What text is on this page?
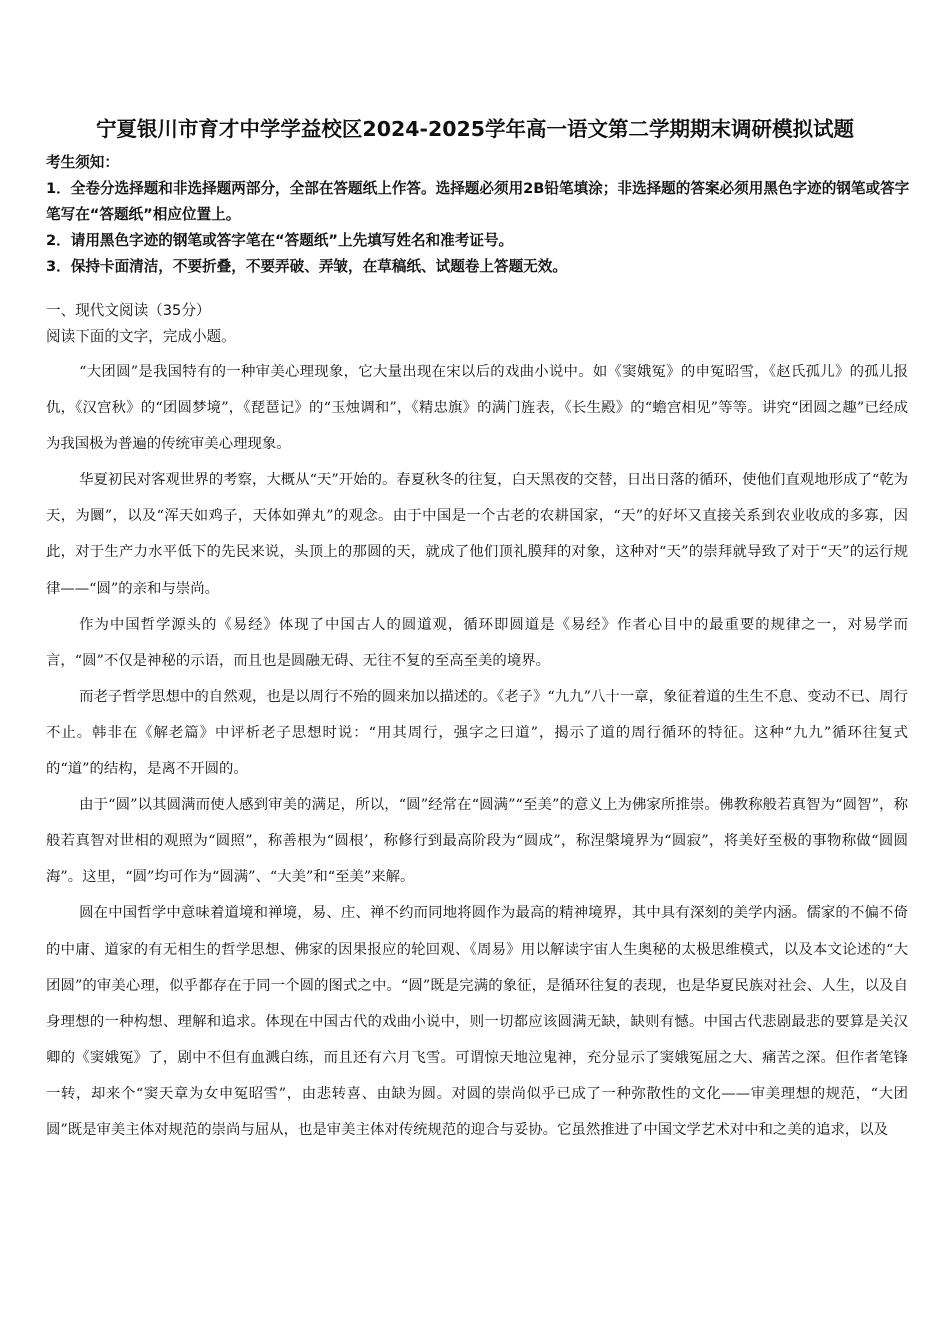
宁夏银川市育才中学学益校区2024-2025学年高一语文第二学期期末调研模拟试题
考生须知：
1．全卷分选择题和非选择题两部分，全部在答题纸上作答。选择题必须用2B铅笔填涂；非选择题的答案必须用黑色字迹的钢笔或答字笔写在“答题纸”相应位置上。
2．请用黑色字迹的钢笔或答字笔在“答题纸”上先填写姓名和准考证号。
3．保持卡面清洁，不要折叠，不要弄破、弄皱，在草稿纸、试题卷上答题无效。
一、现代文阅读（35分）
阅读下面的文字，完成小题。

“大团圆”是我国特有的一种审美心理现象，它大量出现在宋以后的戏曲小说中。如《窦娥冤》的申冤昭雪，《赵氏孤儿》的孤儿报仇，《汉宫秋》的“团圆梦境”，《琵琶记》的“玉烛调和”，《精忠旗》的满门旌表，《长生殿》的“蟾宫相见”等等。讲究“团圆之趣”已经成为我国极为普遍的传统审美心理现象。

华夏初民对客观世界的考察，大概从“天”开始的。春夏秋冬的往复，白天黑夜的交替，日出日落的循环，使他们直观地形成了“乾为天，为圜”，以及“浑天如鸡子，天体如弹丸”的观念。由于中国是一个古老的农耕国家，“天”的好坏又直接关系到农业收成的多寡，因此，对于生产力水平低下的先民来说，头顶上的那圆的天，就成了他们顶礼膜拜的对象，这种对“天”的崇拜就导致了对于“天”的运行规律——“圆”的亲和与崇尚。

作为中国哲学源头的《易经》体现了中国古人的圆道观，循环即圆道是《易经》作者心目中的最重要的规律之一，对易学而言，“圆”不仅是神秘的示语，而且也是圆融无碍、无往不复的至高至美的境界。

而老子哲学思想中的自然观，也是以周行不殆的圆来加以描述的。《老子》“九九”八十一章，象征着道的生生不息、变动不已、周行不止。韩非在《解老篇》中评析老子思想时说：“用其周行，强字之曰道”，揭示了道的周行循环的特征。这种“九九”循环往复式的“道”的结构，是离不开圆的。

由于“圆”以其圆满而使人感到审美的满足，所以，“圆”经常在“圆满”“至美”的意义上为佛家所推崇。佛教称般若真智为“圆智”，称般若真智对世相的观照为“圆照”，称善根为“圆根’，称修行到最高阶段为“圆成”，称涅槃境界为“圆寂”，将美好至极的事物称做“圆圆海”。这里，“圆”均可作为“圆满”、“大美”和“至美”来解。

圆在中国哲学中意味着道境和禅境，易、庄、禅不约而同地将圆作为最高的精神境界，其中具有深刻的美学内涵。儒家的不偏不倚的中庸、道家的有无相生的哲学思想、佛家的因果报应的轮回观、《周易》用以解读宇宙人生奥秘的太极思维模式，以及本文论述的“大团圆”的审美心理，似乎都存在于同一个圆的图式之中。“圆”既是完满的象征，是循环往复的表现，也是华夏民族对社会、人生，以及自身理想的一种构想、理解和追求。体现在中国古代的戏曲小说中，则一切都应该圆满无缺，缺则有憾。中国古代悲剧最悲的要算是关汉卿的《窦娥冤》了，剧中不但有血溅白练，而且还有六月飞雪。可谓惊天地泣鬼神，充分显示了窦娥冤屈之大、痛苦之深。但作者笔锋一转，却来个“窦天章为女申冤昭雪”，由悲转喜、由缺为圆。对圆的崇尚似乎已成了一种弥散性的文化——审美理想的规范，“大团圆”既是审美主体对规范的崇尚与屈从，也是审美主体对传统规范的迎合与妥协。它虽然推进了中国文学艺术对中和之美的追求，以及
